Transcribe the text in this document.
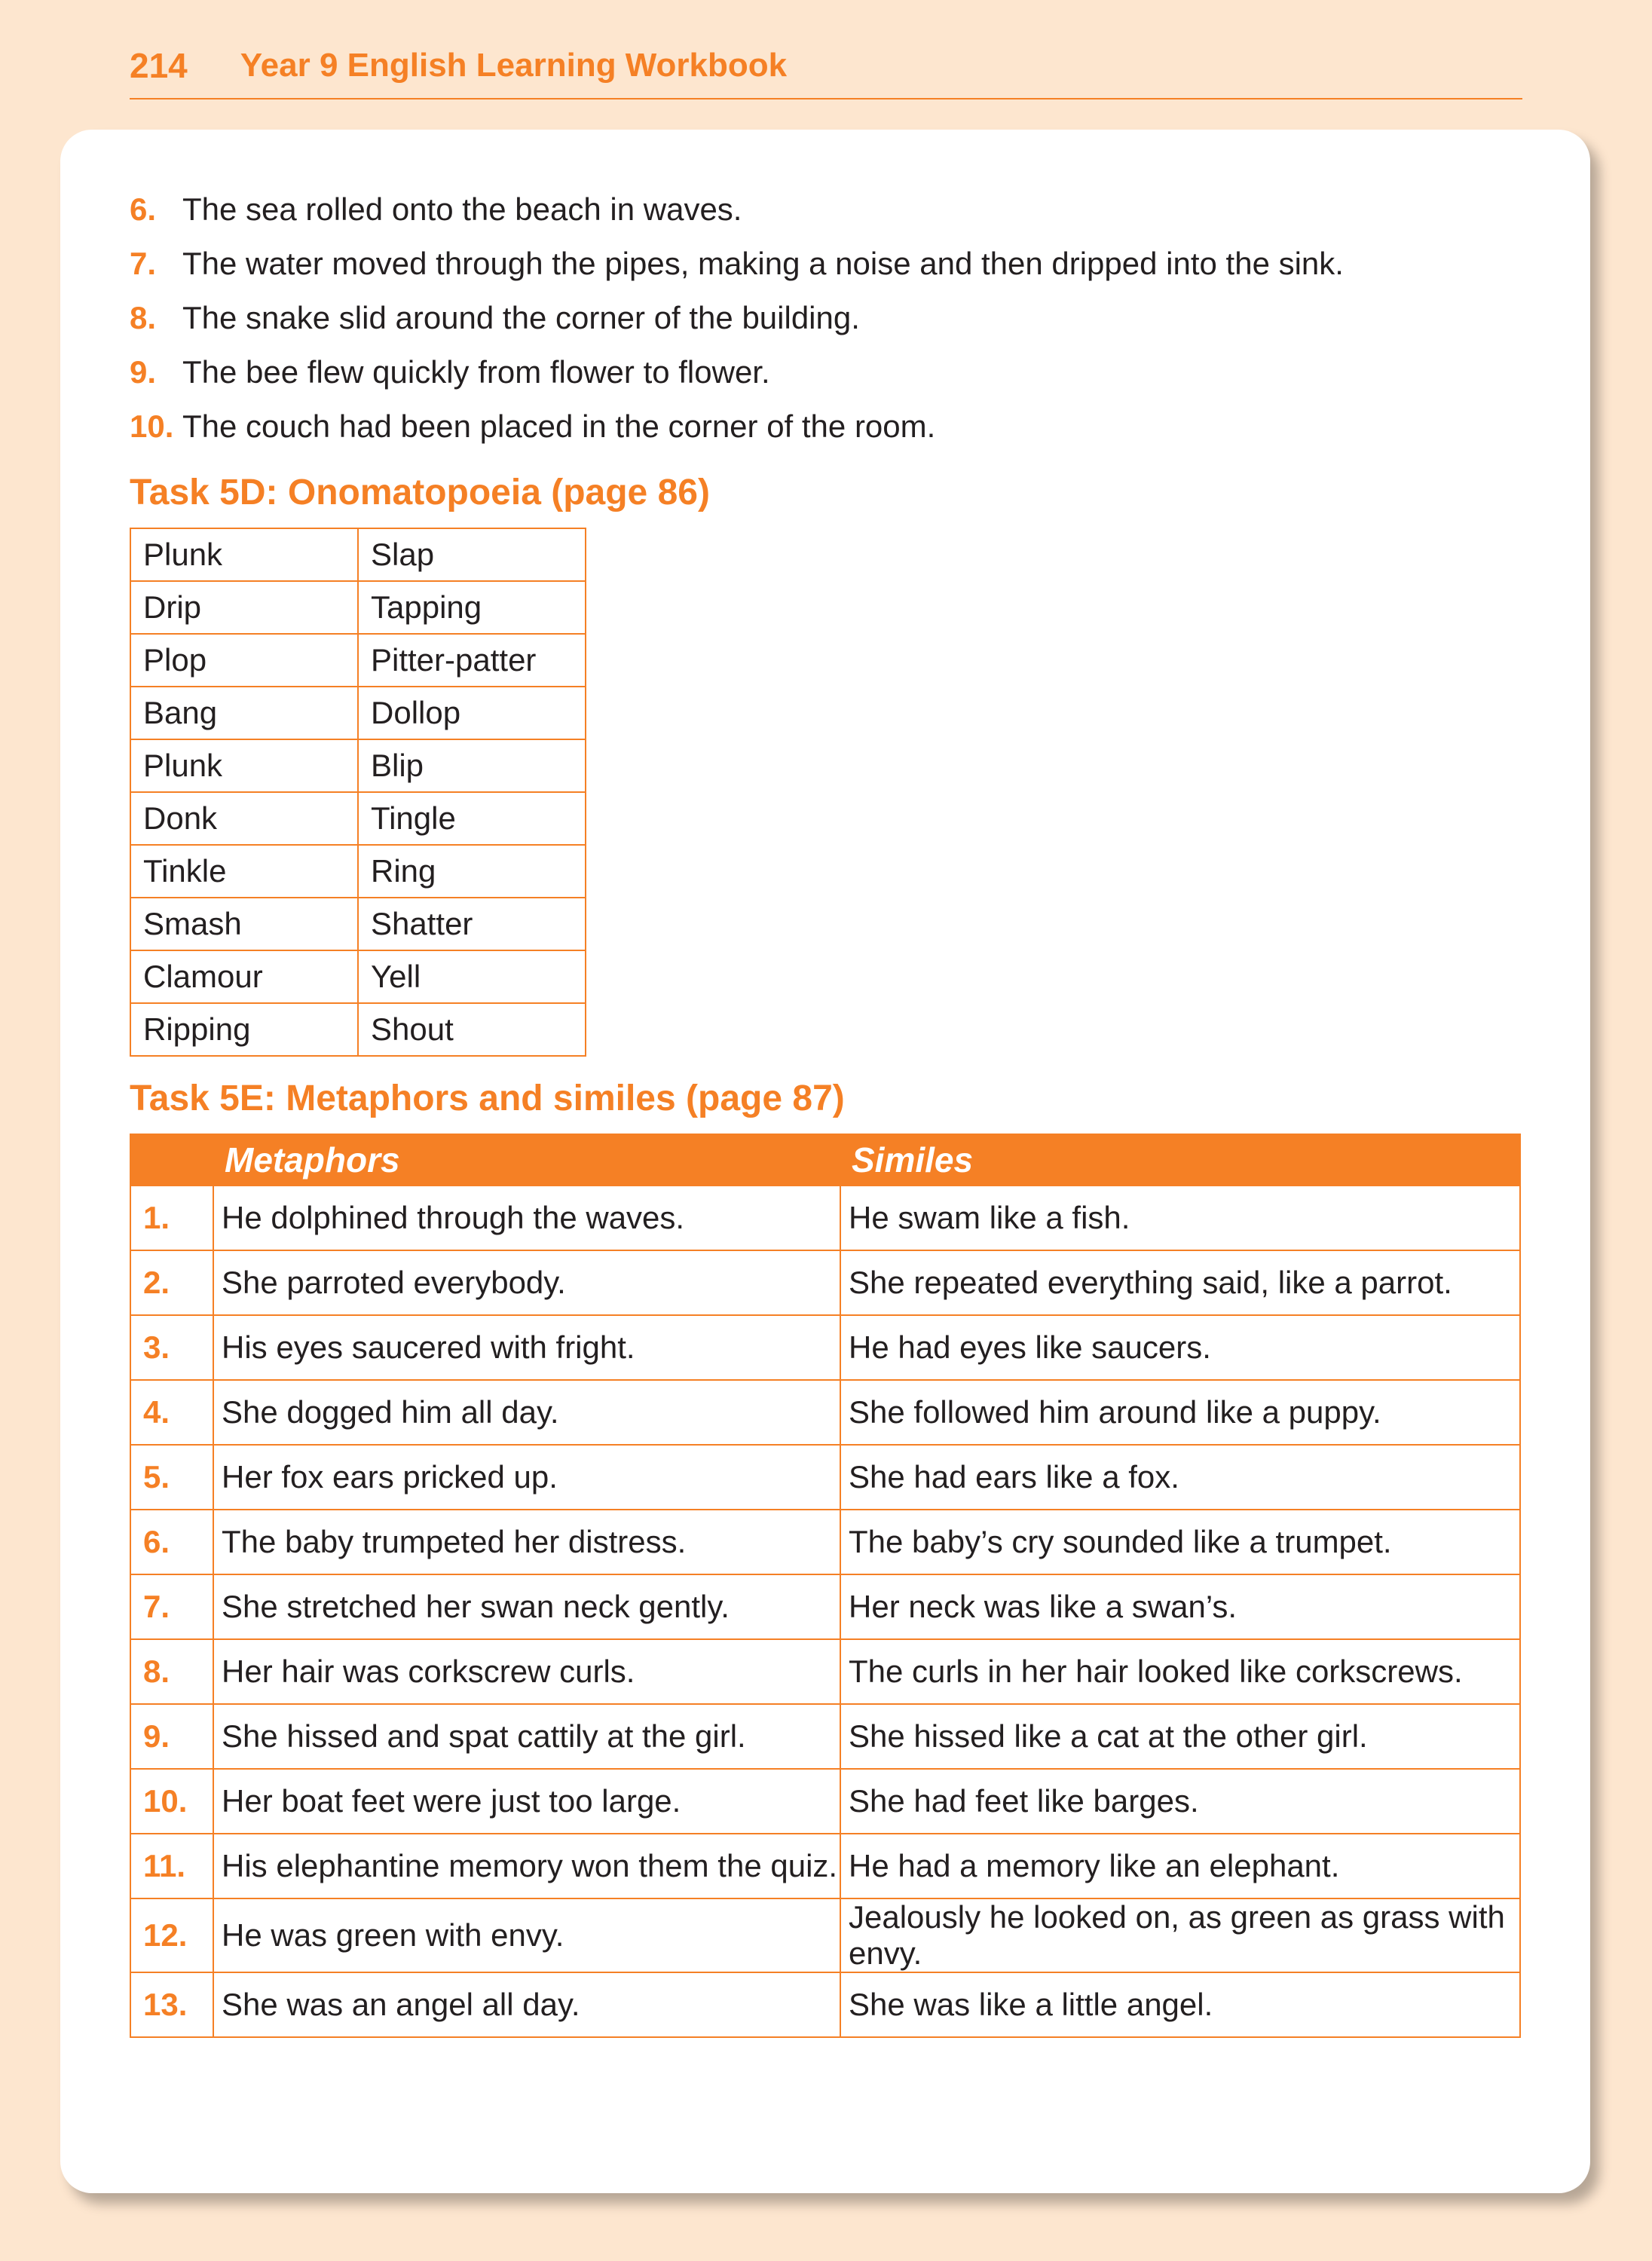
214 Year 9 English Learning Workbook
6. The sea rolled onto the beach in waves.
7. The water moved through the pipes, making a noise and then dripped into the sink.
8. The snake slid around the corner of the building.
9. The bee flew quickly from flower to flower.
10. The couch had been placed in the corner of the room.
Task 5D: Onomatopoeia (page 86)
Plunk	Slap
Drip	Tapping
Plop	Pitter-patter
Bang	Dollop
Plunk	Blip
Donk	Tingle
Tinkle	Ring
Smash	Shatter
Clamour	Yell
Ripping	Shout
Task 5E: Metaphors and similes (page 87)
	Metaphors	Similes
1.	He dolphined through the waves.	He swam like a fish.
2.	She parroted everybody.	She repeated everything said, like a parrot.
3.	His eyes saucered with fright.	He had eyes like saucers.
4.	She dogged him all day.	She followed him around like a puppy.
5.	Her fox ears pricked up.	She had ears like a fox.
6.	The baby trumpeted her distress.	The baby’s cry sounded like a trumpet.
7.	She stretched her swan neck gently.	Her neck was like a swan’s.
8.	Her hair was corkscrew curls.	The curls in her hair looked like corkscrews.
9.	She hissed and spat cattily at the girl.	She hissed like a cat at the other girl.
10.	Her boat feet were just too large.	She had feet like barges.
11.	His elephantine memory won them the quiz.	He had a memory like an elephant.
12.	He was green with envy.	Jealously he looked on, as green as grass with envy.
13.	She was an angel all day.	She was like a little angel.
